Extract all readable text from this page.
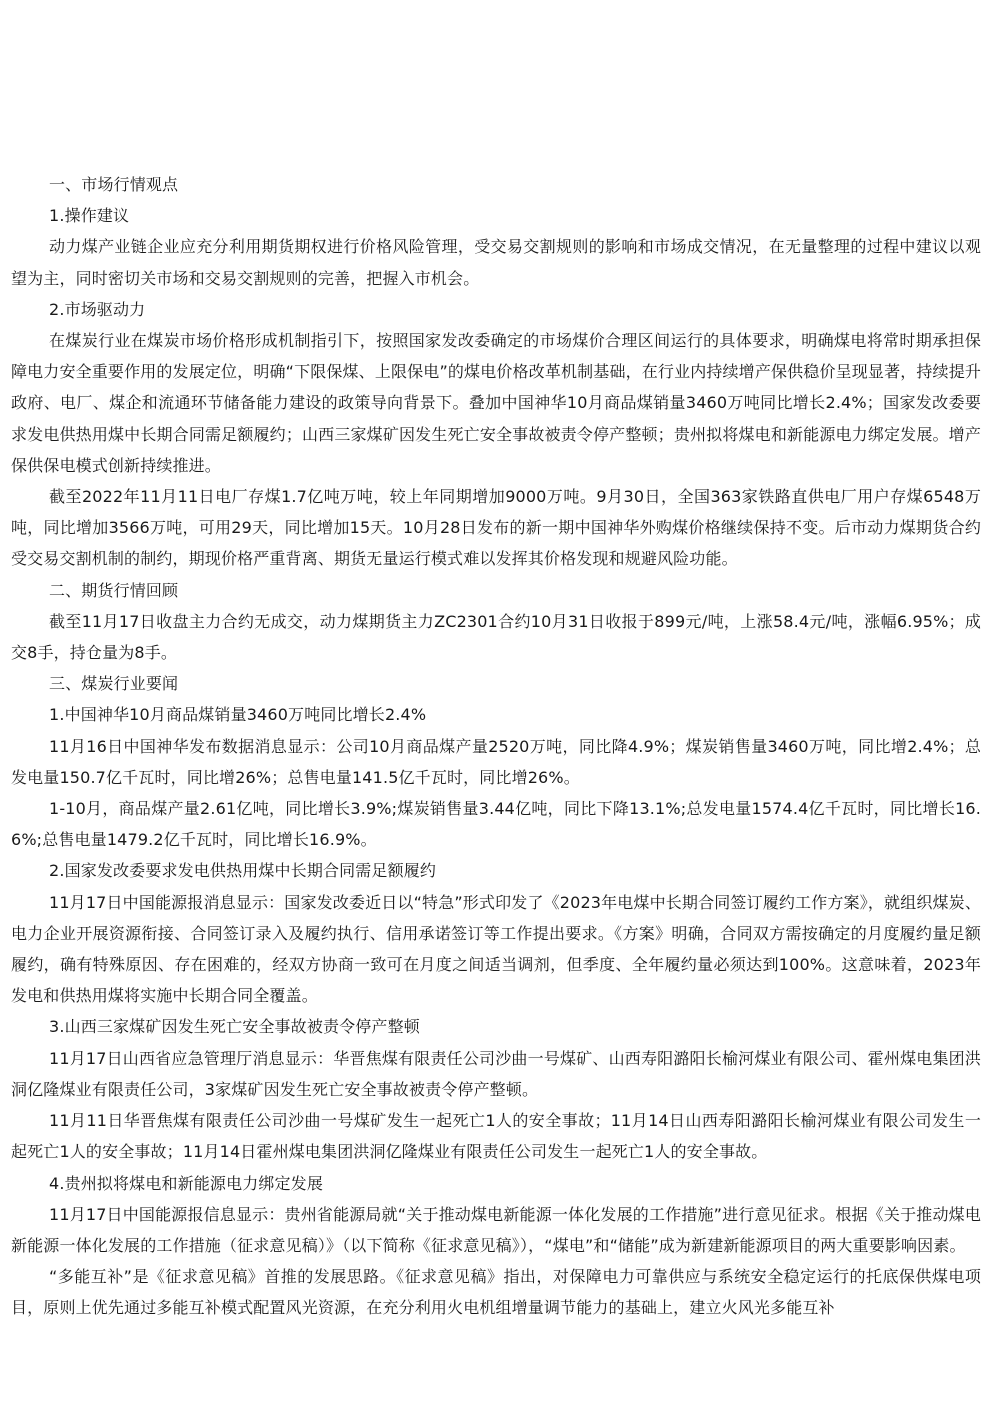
一、市场行情观点

1.操作建议

动力煤产业链企业应充分利用期货期权进行价格风险管理，受交易交割规则的影响和市场成交情况，在无量整理的过程中建议以观望为主，同时密切关市场和交易交割规则的完善，把握入市机会。

2.市场驱动力

在煤炭行业在煤炭市场价格形成机制指引下，按照国家发改委确定的市场煤价合理区间运行的具体要求，明确煤电将常时期承担保障电力安全重要作用的发展定位，明确“下限保煤、上限保电”的煤电价格改革机制基础，在行业内持续增产保供稳价呈现显著，持续提升政府、电厂、煤企和流通环节储备能力建设的政策导向背景下。叠加中国神华10月商品煤销量3460万吨同比增长2.4%；国家发改委要求发电供热用煤中长期合同需足额履约；山西三家煤矿因发生死亡安全事故被责令停产整顿；贵州拟将煤电和新能源电力绑定发展。增产保供保电模式创新持续推进。

截至2022年11月11日电厂存煤1.7亿吨万吨，较上年同期增加9000万吨。9月30日，全国363家铁路直供电厂用户存煤6548万吨，同比增加3566万吨，可用29天，同比增加15天。10月28日发布的新一期中国神华外购煤价格继续保持不变。后市动力煤期货合约受交易交割机制的制约，期现价格严重背离、期货无量运行模式难以发挥其价格发现和规避风险功能。

二、期货行情回顾

截至11月17日收盘主力合约无成交，动力煤期货主力ZC2301合约10月31日收报于899元/吨，上涨58.4元/吨，涨幅6.95%；成交8手，持仓量为8手。

三、煤炭行业要闻

1.中国神华10月商品煤销量3460万吨同比增长2.4%

11月16日中国神华发布数据消息显示：公司10月商品煤产量2520万吨，同比降4.9%；煤炭销售量3460万吨，同比增2.4%；总发电量150.7亿千瓦时，同比增26%；总售电量141.5亿千瓦时，同比增26%。

1-10月，商品煤产量2.61亿吨，同比增长3.9%;煤炭销售量3.44亿吨，同比下降13.1%;总发电量1574.4亿千瓦时，同比增长16.6%;总售电量1479.2亿千瓦时，同比增长16.9%。

2.国家发改委要求发电供热用煤中长期合同需足额履约

11月17日中国能源报消息显示：国家发改委近日以“特急”形式印发了《2023年电煤中长期合同签订履约工作方案》，就组织煤炭、电力企业开展资源衔接、合同签订录入及履约执行、信用承诺签订等工作提出要求。《方案》明确，合同双方需按确定的月度履约量足额履约，确有特殊原因、存在困难的，经双方协商一致可在月度之间适当调剂，但季度、全年履约量必须达到100%。这意味着，2023年发电和供热用煤将实施中长期合同全覆盖。

3.山西三家煤矿因发生死亡安全事故被责令停产整顿

11月17日山西省应急管理厅消息显示：华晋焦煤有限责任公司沙曲一号煤矿、山西寿阳潞阳长榆河煤业有限公司、霍州煤电集团洪洞亿隆煤业有限责任公司，3家煤矿因发生死亡安全事故被责令停产整顿。

11月11日华晋焦煤有限责任公司沙曲一号煤矿发生一起死亡1人的安全事故；11月14日山西寿阳潞阳长榆河煤业有限公司发生一起死亡1人的安全事故；11月14日霍州煤电集团洪洞亿隆煤业有限责任公司发生一起死亡1人的安全事故。

4.贵州拟将煤电和新能源电力绑定发展

11月17日中国能源报信息显示：贵州省能源局就“关于推动煤电新能源一体化发展的工作措施”进行意见征求。根据《关于推动煤电新能源一体化发展的工作措施（征求意见稿）》（以下简称《征求意见稿》），“煤电”和“储能”成为新建新能源项目的两大重要影响因素。

“多能互补”是《征求意见稿》首推的发展思路。《征求意见稿》指出，对保障电力可靠供应与系统安全稳定运行的托底保供煤电项目，原则上优先通过多能互补模式配置风光资源，在充分利用火电机组增量调节能力的基础上，建立火风光多能互补
